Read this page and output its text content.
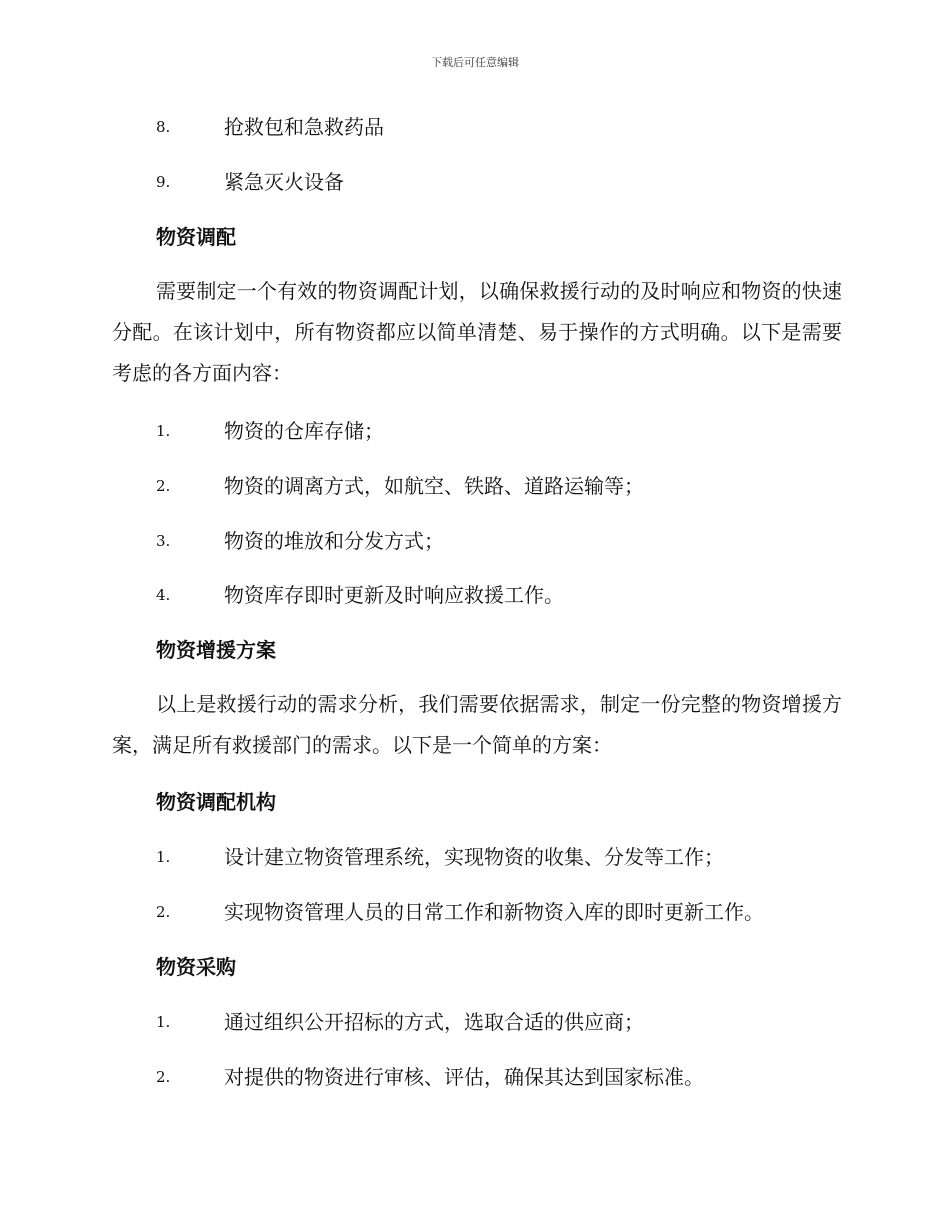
下载后可任意编辑
8.	抢救包和急救药品
9.	紧急灭火设备
物资调配
需要制定一个有效的物资调配计划，以确保救援行动的及时响应和物资的快速分配。在该计划中，所有物资都应以简单清楚、易于操作的方式明确。以下是需要考虑的各方面内容：
1.	物资的仓库存储；
2.	物资的调离方式，如航空、铁路、道路运输等；
3.	物资的堆放和分发方式；
4.	物资库存即时更新及时响应救援工作。
物资增援方案
以上是救援行动的需求分析，我们需要依据需求，制定一份完整的物资增援方案，满足所有救援部门的需求。以下是一个简单的方案：
物资调配机构
1.	设计建立物资管理系统，实现物资的收集、分发等工作；
2.	实现物资管理人员的日常工作和新物资入库的即时更新工作。
物资采购
1.	通过组织公开招标的方式，选取合适的供应商；
2.	对提供的物资进行审核、评估，确保其达到国家标准。
